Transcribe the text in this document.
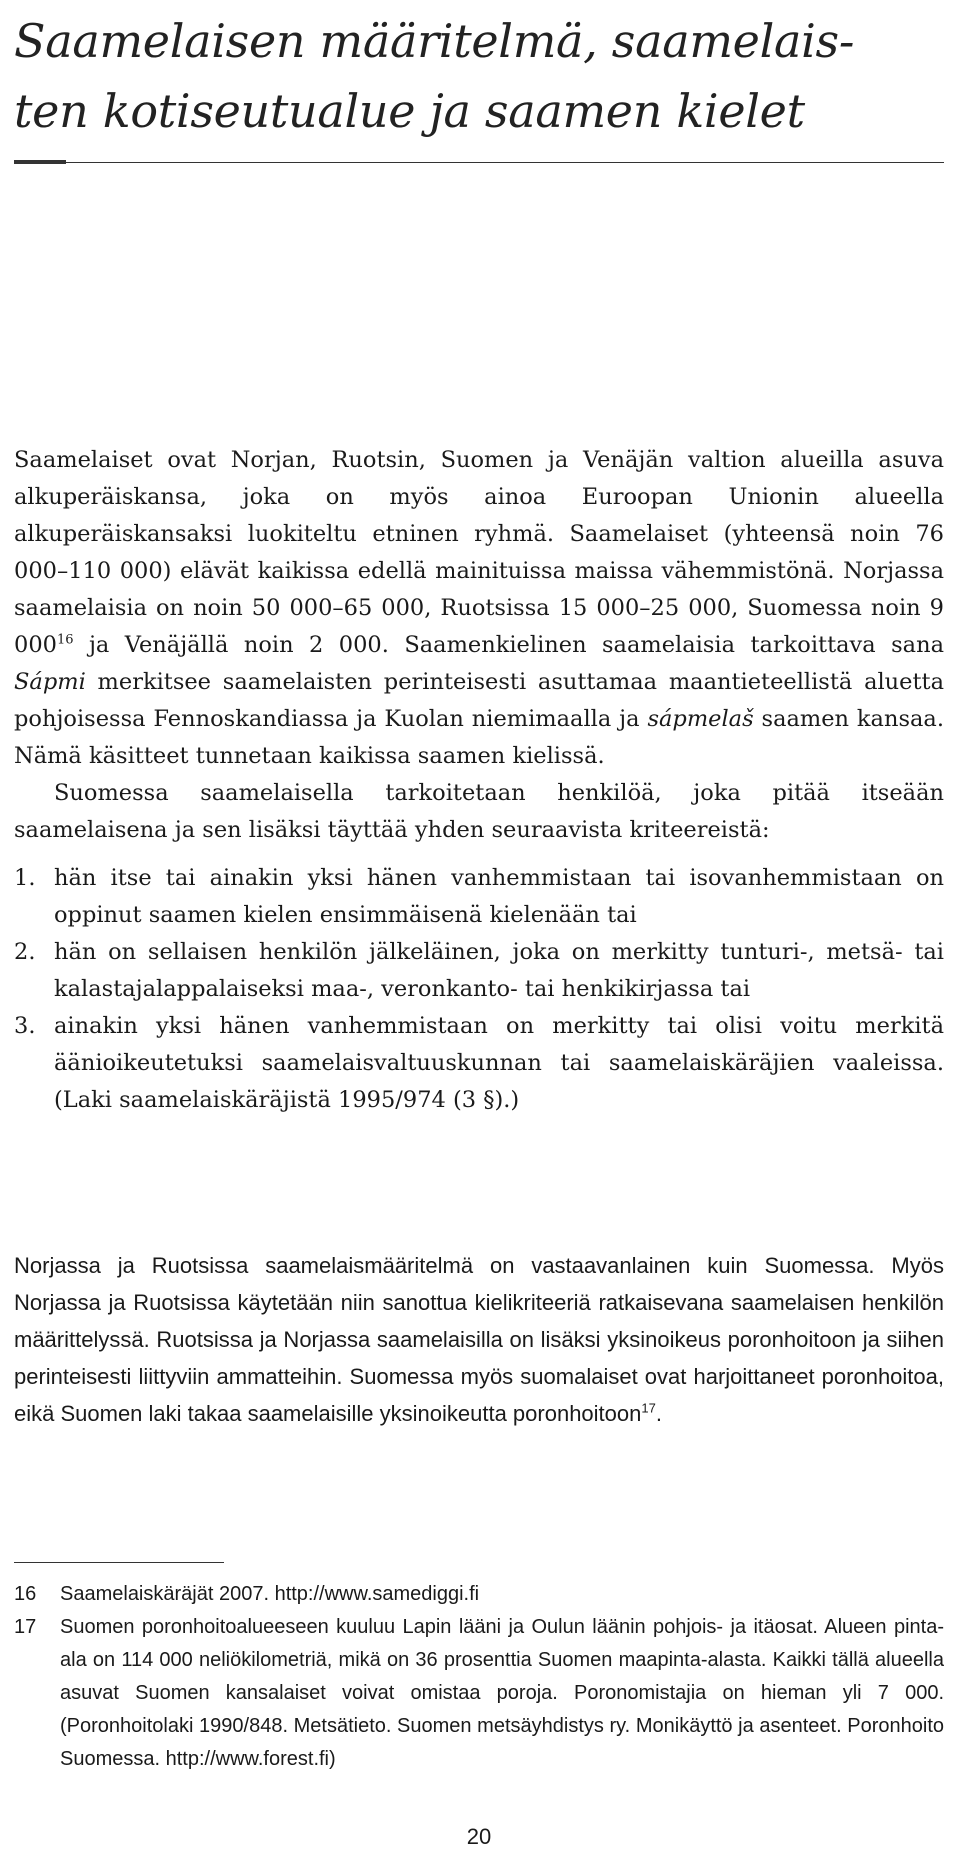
Saamelaisen määritelmä, saamelais-
ten kotiseutualue ja saamen kielet

Saamelaiset ovat Norjan, Ruotsin, Suomen ja Venäjän valtion alueilla asuva alkuperäiskansa, joka on myös ainoa Euroopan Unionin alueella alkuperäiskansaksi luokiteltu etninen ryhmä. Saamelaiset (yhteensä noin 76 000–110 000) elävät kaikissa edellä mainituissa maissa vähemmistönä. Norjassa saamelaisia on noin 50 000–65 000, Ruotsissa 15 000–25 000, Suomessa noin 9 $000^{16}$ ja Venäjällä noin 2 000. Saamenkielinen saamelaisia tarkoittava sana Sápmi merkitsee saamelaisten perinteisesti asuttamaa maantieteellistä aluetta pohjoisessa Fennoskandiassa ja Kuolan niemimaalla ja sápmelaš saamen kansaa. Nämä käsitteet tunnetaan kaikissa saamen kielissä.

Suomessa saamelaisella tarkoitetaan henkilöä, joka pitää itseään saamelaisena ja sen lisäksi täyttää yhden seuraavista kriteereistä:

1. hän itse tai ainakin yksi hänen vanhemmistaan tai isovanhemmistaan on oppinut saamen kielen ensimmäisenä kielenään tai
2. hän on sellaisen henkilön jälkeläinen, joka on merkitty tunturi-, metsä- tai kalastajalappalaiseksi maa-, veronkanto- tai henkikirjassa tai
3. ainakin yksi hänen vanhemmistaan on merkitty tai olisi voitu merkitä äänioikeutetuksi saamelaisvaltuuskunnan tai saamelaiskäräjien vaaleissa. (Laki saamelaiskäräjistä 1995/974 (3 §).)

Norjassa ja Ruotsissa saamelaismääritelmä on vastaavanlainen kuin Suomessa. Myös Norjassa ja Ruotsissa käytetään niin sanottua kielikriteeriä ratkaisevana saamelaisen henkilön määrittelyssä. Ruotsissa ja Norjassa saamelaisilla on lisäksi yksinoikeus poronhoitoon ja siihen perinteisesti liittyviin ammatteihin. Suomessa myös suomalaiset ovat harjoittaneet poronhoitoa, eikä Suomen laki takaa saamelaisille yksinoikeutta poronhoitoon$^{17}$.

16 Saamelaiskäräjät 2007. http://www.samediggi.fi
17 Suomen poronhoitoalueeseen kuuluu Lapin lääni ja Oulun läänin pohjois- ja itäosat. Alueen pinta-ala on 114 000 neliökilometriä, mikä on 36 prosenttia Suomen maapinta-alasta. Kaikki tällä alueella asuvat Suomen kansalaiset voivat omistaa poroja. Poronomistajia on hieman yli 7 000. (Poronhoitolaki 1990/848. Metsätieto. Suomen metsäyhdistys ry. Monikäyttö ja asenteet. Poronhoito Suomessa. http://www.forest.fi)
20
